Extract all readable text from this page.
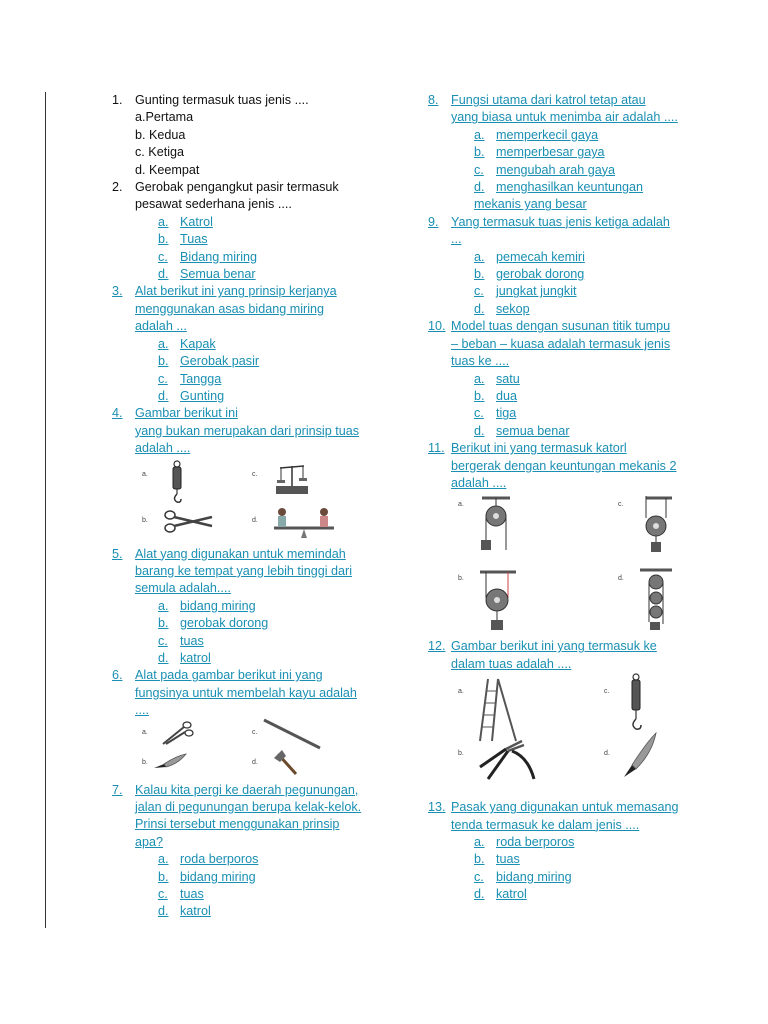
1. Gunting termasuk tuas jenis ....
a.Pertama
b. Kedua
c. Ketiga
d. Keempat
2. Gerobak pengangkut pasir termasuk
pesawat sederhana jenis ....
a. Katrol
b. Tuas
c. Bidang miring
d. Semua benar
3. Alat berikut ini yang prinsip kerjanya
menggunakan asas bidang miring
adalah ...
a. Kapak
b. Gerobak pasir
c. Tangga
d. Gunting
4. Gambar berikut ini
yang bukan merupakan dari prinsip tuas
adalah ....
a.	c.
b.	d.
5. Alat yang digunakan untuk memindah
barang ke tempat yang lebih tinggi dari
semula adalah....
a. bidang miring
b. gerobak dorong
c. tuas
d. katrol
6. Alat pada gambar berikut ini yang
fungsinya untuk membelah kayu adalah
....
a.	c.
b.	d.
7. Kalau kita pergi ke daerah pegunungan,
jalan di pegunungan berupa kelak-kelok.
Prinsi tersebut menggunakan prinsip
apa?
a. roda berporos
b. bidang miring
c. tuas
d. katrol
8. Fungsi utama dari katrol tetap atau
yang biasa untuk menimba air adalah ....
a. memperkecil gaya
b. memperbesar gaya
c. mengubah arah gaya
d. menghasilkan keuntungan
mekanis yang besar
9. Yang termasuk tuas jenis ketiga adalah
...
a. pemecah kemiri
b. gerobak dorong
c. jungkat jungkit
d. sekop
10. Model tuas dengan susunan titik tumpu
– beban – kuasa adalah termasuk jenis
tuas ke ....
a. satu
b. dua
c. tiga
d. semua benar
11. Berikut ini yang termasuk katorl
bergerak dengan keuntungan mekanis 2
adalah ....
a.	c.
b.	d.
12. Gambar berikut ini yang termasuk ke
dalam tuas adalah ....
a.	c.
b.	d.
13. Pasak yang digunakan untuk memasang
tenda termasuk ke dalam jenis ....
a. roda berporos
b. tuas
c. bidang miring
d. katrol
